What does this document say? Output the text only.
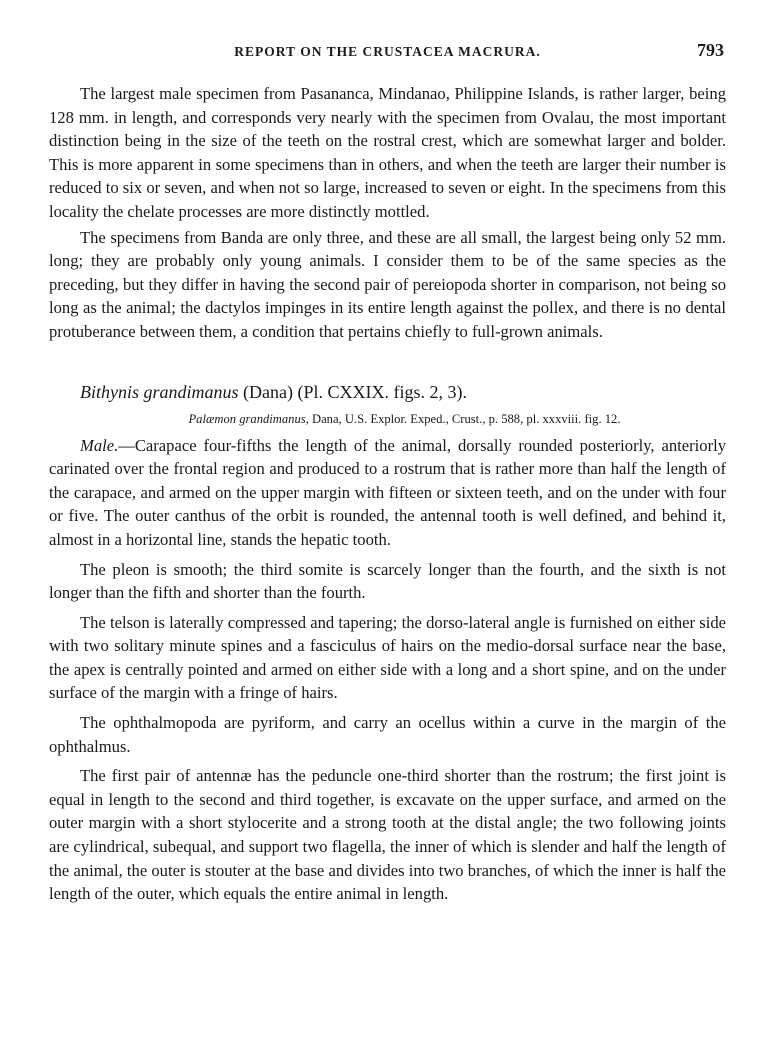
REPORT ON THE CRUSTACEA MACRURA.	793

The largest male specimen from Pasananca, Mindanao, Philippine Islands, is rather larger, being 128 mm. in length, and corresponds very nearly with the specimen from Ovalau, the most important distinction being in the size of the teeth on the rostral crest, which are somewhat larger and bolder. This is more apparent in some specimens than in others, and when the teeth are larger their number is reduced to six or seven, and when not so large, increased to seven or eight. In the specimens from this locality the chelate processes are more distinctly mottled.

The specimens from Banda are only three, and these are all small, the largest being only 52 mm. long; they are probably only young animals. I consider them to be of the same species as the preceding, but they differ in having the second pair of pereiopoda shorter in comparison, not being so long as the animal; the dactylos impinges in its entire length against the pollex, and there is no dental protuberance between them, a condition that pertains chiefly to full-grown animals.

Bithynis grandimanus (Dana) (Pl. CXXIX. figs. 2, 3).
Palæmon grandimanus, Dana, U.S. Explor. Exped., Crust., p. 588, pl. xxxviii. fig. 12.

Male.—Carapace four-fifths the length of the animal, dorsally rounded posteriorly, anteriorly carinated over the frontal region and produced to a rostrum that is rather more than half the length of the carapace, and armed on the upper margin with fifteen or sixteen teeth, and on the under with four or five. The outer canthus of the orbit is rounded, the antennal tooth is well defined, and behind it, almost in a horizontal line, stands the hepatic tooth.

The pleon is smooth; the third somite is scarcely longer than the fourth, and the sixth is not longer than the fifth and shorter than the fourth.

The telson is laterally compressed and tapering; the dorso-lateral angle is furnished on either side with two solitary minute spines and a fasciculus of hairs on the medio-dorsal surface near the base, the apex is centrally pointed and armed on either side with a long and a short spine, and on the under surface of the margin with a fringe of hairs.

The ophthalmopoda are pyriform, and carry an ocellus within a curve in the margin of the ophthalmus.

The first pair of antennæ has the peduncle one-third shorter than the rostrum; the first joint is equal in length to the second and third together, is excavate on the upper surface, and armed on the outer margin with a short stylocerite and a strong tooth at the distal angle; the two following joints are cylindrical, subequal, and support two flagella, the inner of which is slender and half the length of the animal, the outer is stouter at the base and divides into two branches, of which the inner is half the length of the outer, which equals the entire animal in length.
